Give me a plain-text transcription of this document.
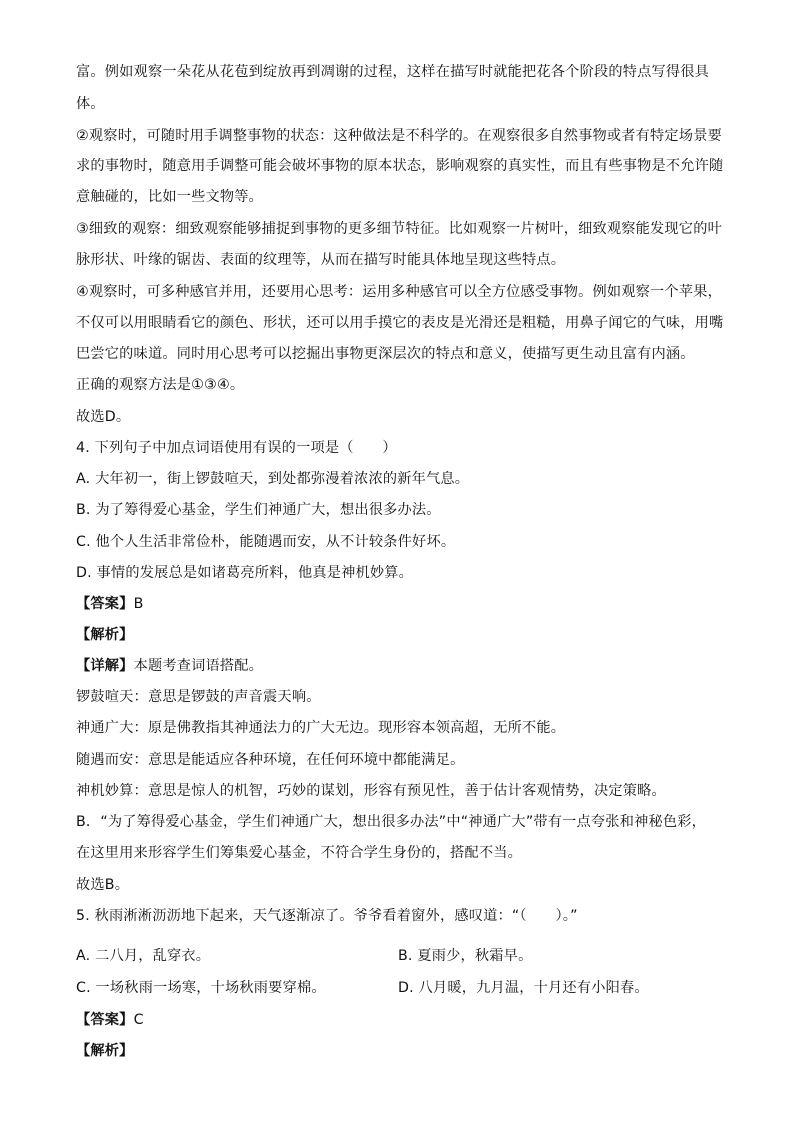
富。例如观察一朵花从花苞到绽放再到凋谢的过程，这样在描写时就能把花各个阶段的特点写得很具
体。
②观察时，可随时用手调整事物的状态：这种做法是不科学的。在观察很多自然事物或者有特定场景要
求的事物时，随意用手调整可能会破坏事物的原本状态，影响观察的真实性，而且有些事物是不允许随
意触碰的，比如一些文物等。
③细致的观察：细致观察能够捕捉到事物的更多细节特征。比如观察一片树叶，细致观察能发现它的叶
脉形状、叶缘的锯齿、表面的纹理等，从而在描写时能具体地呈现这些特点。
④观察时，可多种感官并用，还要用心思考：运用多种感官可以全方位感受事物。例如观察一个苹果，
不仅可以用眼睛看它的颜色、形状，还可以用手摸它的表皮是光滑还是粗糙，用鼻子闻它的气味，用嘴
巴尝它的味道。同时用心思考可以挖掘出事物更深层次的特点和意义，使描写更生动且富有内涵。
正确的观察方法是①③④。
故选D。
4. 下列句子中加点词语使用有误的一项是（　　）
A. 大年初一，街上锣鼓喧天，到处都弥漫着浓浓的新年气息。
B. 为了筹得爱心基金，学生们神通广大，想出很多办法。
C. 他个人生活非常俭朴，能随遇而安，从不计较条件好坏。
D. 事情的发展总是如诸葛亮所料，他真是神机妙算。
【答案】B
【解析】
【详解】本题考查词语搭配。
锣鼓喧天：意思是锣鼓的声音震天响。
神通广大：原是佛教指其神通法力的广大无边。现形容本领高超，无所不能。
随遇而安：意思是能适应各种环境，在任何环境中都能满足。
神机妙算：意思是惊人的机智，巧妙的谋划，形容有预见性，善于估计客观情势，决定策略。
B．“为了筹得爱心基金，学生们神通广大，想出很多办法”中“神通广大”带有一点夸张和神秘色彩，
在这里用来形容学生们筹集爱心基金，不符合学生身份的，搭配不当。
故选B。
5. 秋雨淅淅沥沥地下起来，天气逐渐凉了。爷爷看着窗外，感叹道：“（　　）。”
A. 二八月，乱穿衣。	B. 夏雨少，秋霜早。
C. 一场秋雨一场寒，十场秋雨要穿棉。	D. 八月暖，九月温，十月还有小阳春。
【答案】C
【解析】
